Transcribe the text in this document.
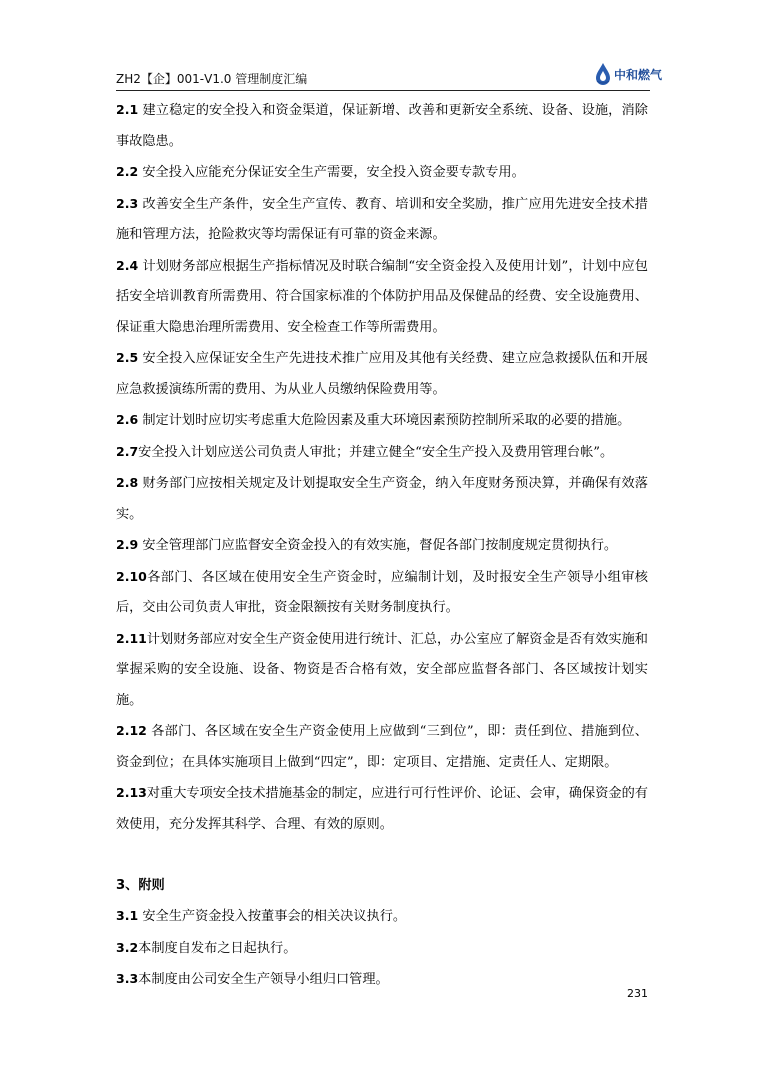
ZH2【企】001-V1.0 管理制度汇编	中和燃气

2.1 建立稳定的安全投入和资金渠道，保证新增、改善和更新安全系统、设备、设施，消除事故隐患。

2.2 安全投入应能充分保证安全生产需要，安全投入资金要专款专用。

2.3 改善安全生产条件，安全生产宣传、教育、培训和安全奖励，推广应用先进安全技术措施和管理方法，抢险救灾等均需保证有可靠的资金来源。

2.4 计划财务部应根据生产指标情况及时联合编制“安全资金投入及使用计划”，计划中应包括安全培训教育所需费用、符合国家标准的个体防护用品及保健品的经费、安全设施费用、保证重大隐患治理所需费用、安全检查工作等所需费用。

2.5 安全投入应保证安全生产先进技术推广应用及其他有关经费、建立应急救援队伍和开展应急救援演练所需的费用、为从业人员缴纳保险费用等。

2.6 制定计划时应切实考虑重大危险因素及重大环境因素预防控制所采取的必要的措施。

2.7安全投入计划应送公司负责人审批；并建立健全“安全生产投入及费用管理台帐”。

2.8 财务部门应按相关规定及计划提取安全生产资金，纳入年度财务预决算，并确保有效落实。

2.9 安全管理部门应监督安全资金投入的有效实施，督促各部门按制度规定贯彻执行。

2.10各部门、各区域在使用安全生产资金时，应编制计划，及时报安全生产领导小组审核后，交由公司负责人审批，资金限额按有关财务制度执行。

2.11计划财务部应对安全生产资金使用进行统计、汇总，办公室应了解资金是否有效实施和掌握采购的安全设施、设备、物资是否合格有效，安全部应监督各部门、各区域按计划实施。

2.12 各部门、各区域在安全生产资金使用上应做到“三到位”，即：责任到位、措施到位、资金到位；在具体实施项目上做到“四定”，即：定项目、定措施、定责任人、定期限。

2.13对重大专项安全技术措施基金的制定，应进行可行性评价、论证、会审，确保资金的有效使用，充分发挥其科学、合理、有效的原则。

3、附则

3.1 安全生产资金投入按董事会的相关决议执行。

3.2本制度自发布之日起执行。

3.3本制度由公司安全生产领导小组归口管理。

231
